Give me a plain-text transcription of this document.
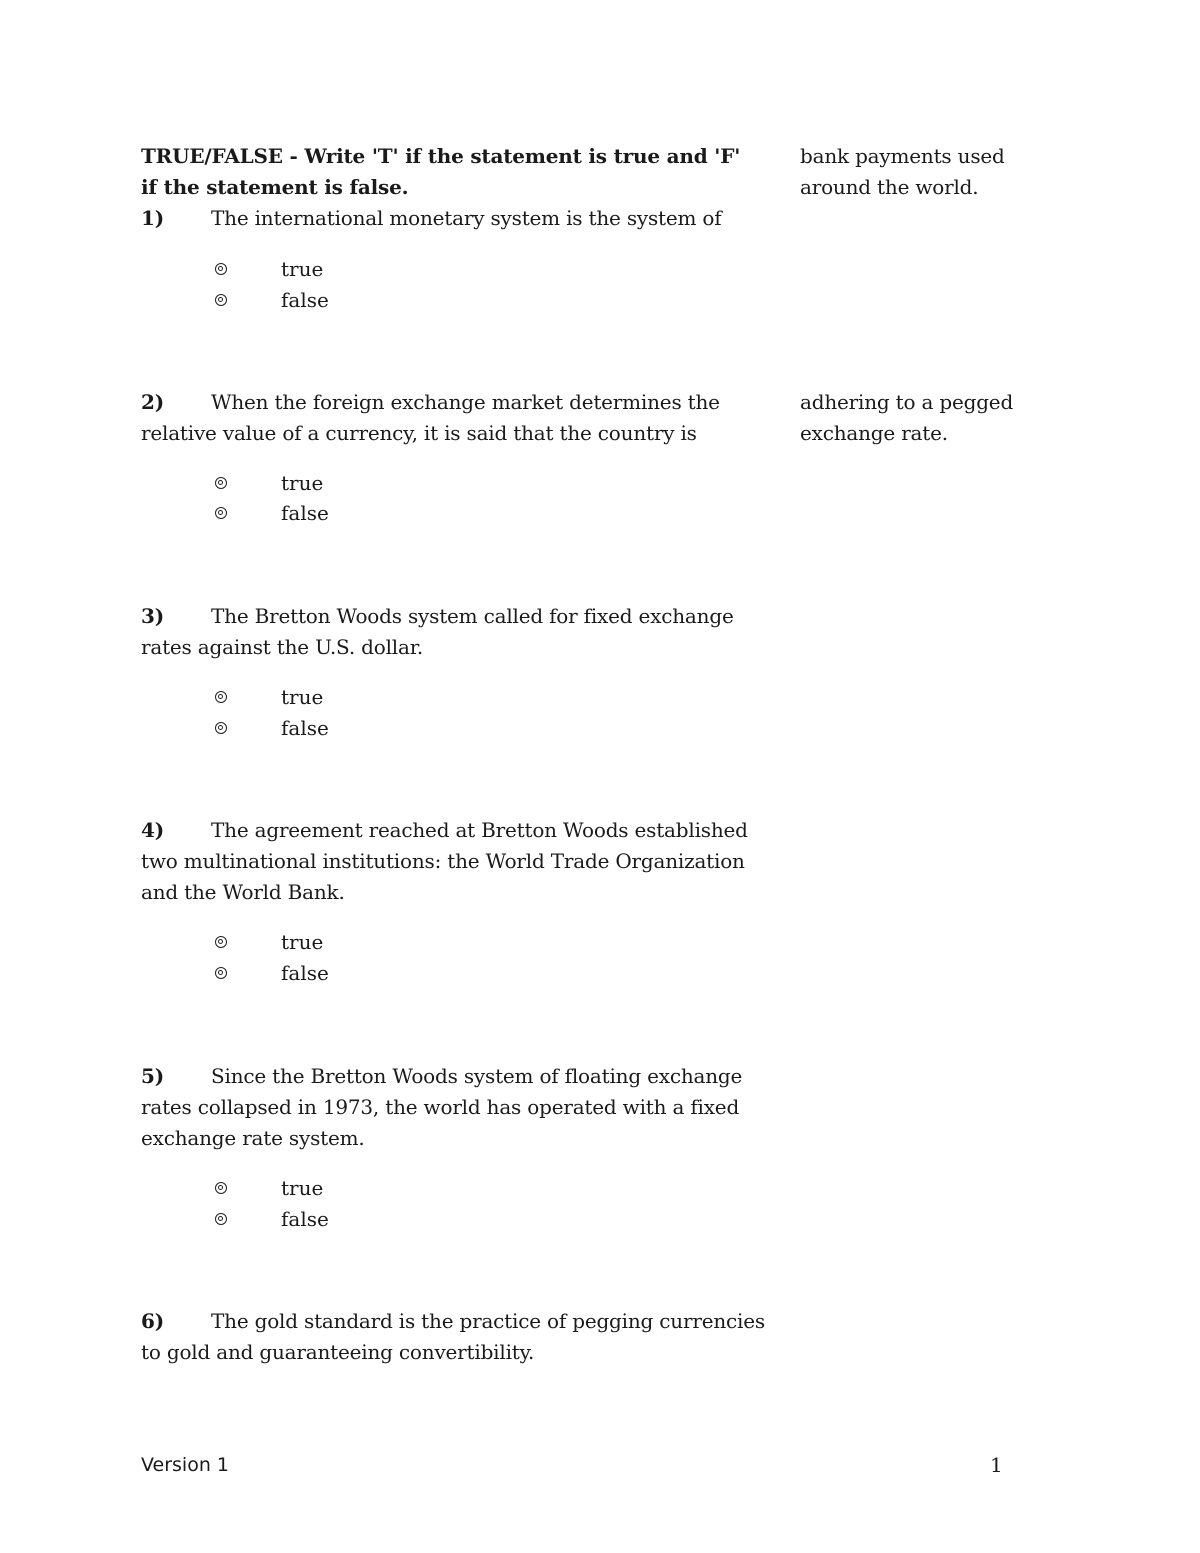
TRUE/FALSE - Write 'T' if the statement is true and 'F'
if the statement is false.
1) The international monetary system is the system of
bank payments used
around the world.
true
false
2) When the foreign exchange market determines the
relative value of a currency, it is said that the country is
adhering to a pegged
exchange rate.
true
false
3) The Bretton Woods system called for fixed exchange
rates against the U.S. dollar.
true
false
4) The agreement reached at Bretton Woods established
two multinational institutions: the World Trade Organization
and the World Bank.
true
false
5) Since the Bretton Woods system of floating exchange
rates collapsed in 1973, the world has operated with a fixed
exchange rate system.
true
false
6) The gold standard is the practice of pegging currencies
to gold and guaranteeing convertibility.
Version 1	1
